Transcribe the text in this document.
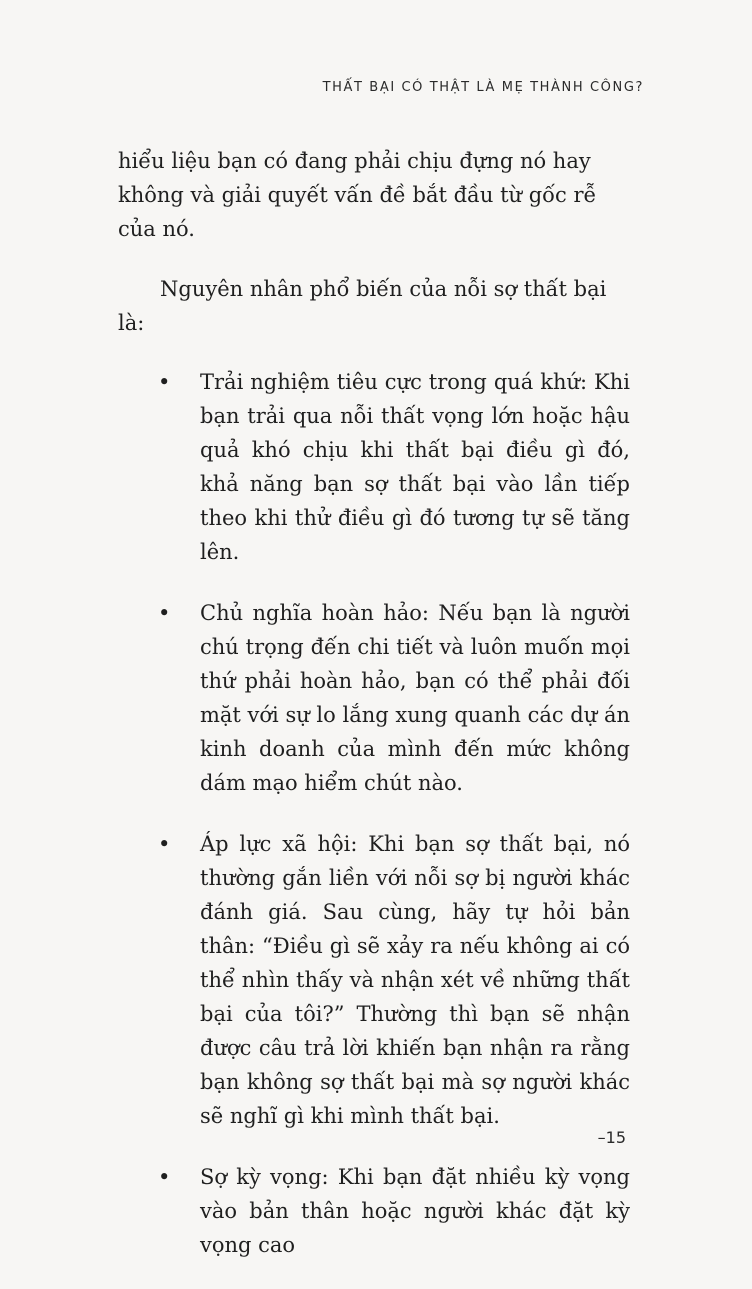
THẤT BẠI CÓ THẬT LÀ MẸ THÀNH CÔNG?

hiểu liệu bạn có đang phải chịu đựng nó hay không và giải quyết vấn đề bắt đầu từ gốc rễ của nó.

Nguyên nhân phổ biến của nỗi sợ thất bại là:

• Trải nghiệm tiêu cực trong quá khứ: Khi bạn trải qua nỗi thất vọng lớn hoặc hậu quả khó chịu khi thất bại điều gì đó, khả năng bạn sợ thất bại vào lần tiếp theo khi thử điều gì đó tương tự sẽ tăng lên.
• Chủ nghĩa hoàn hảo: Nếu bạn là người chú trọng đến chi tiết và luôn muốn mọi thứ phải hoàn hảo, bạn có thể phải đối mặt với sự lo lắng xung quanh các dự án kinh doanh của mình đến mức không dám mạo hiểm chút nào.
• Áp lực xã hội: Khi bạn sợ thất bại, nó thường gắn liền với nỗi sợ bị người khác đánh giá. Sau cùng, hãy tự hỏi bản thân: “Điều gì sẽ xảy ra nếu không ai có thể nhìn thấy và nhận xét về những thất bại của tôi?” Thường thì bạn sẽ nhận được câu trả lời khiến bạn nhận ra rằng bạn không sợ thất bại mà sợ người khác sẽ nghĩ gì khi mình thất bại.
• Sợ kỳ vọng: Khi bạn đặt nhiều kỳ vọng vào bản thân hoặc người khác đặt kỳ vọng cao
–15
